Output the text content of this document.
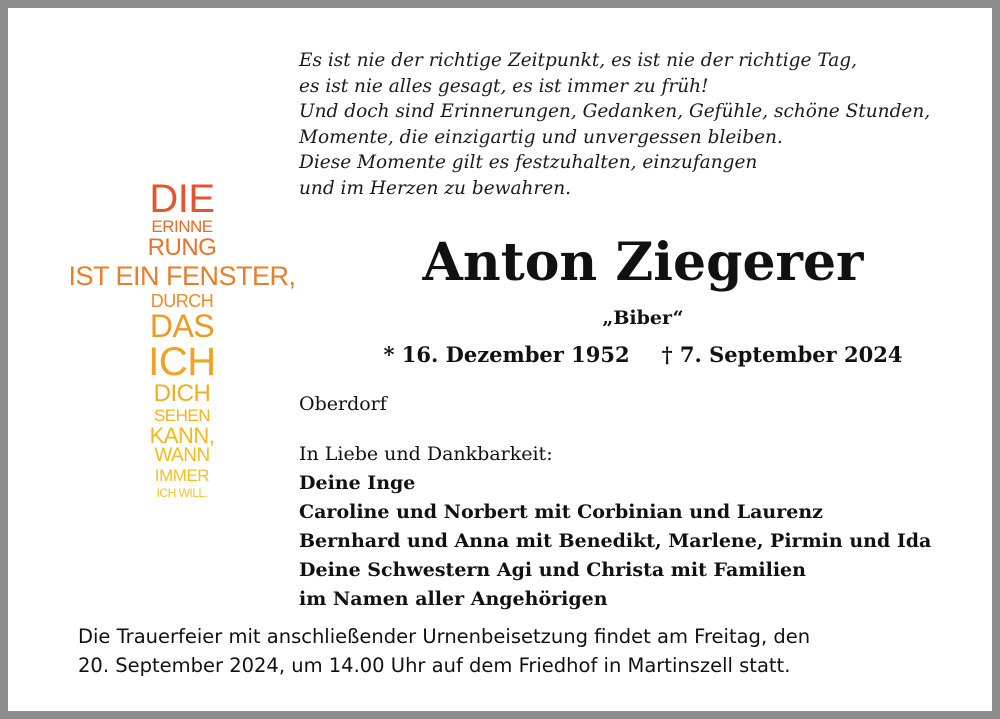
Es ist nie der richtige Zeitpunkt, es ist nie der richtige Tag,
es ist nie alles gesagt, es ist immer zu früh!
Und doch sind Erinnerungen, Gedanken, Gefühle, schöne Stunden,
Momente, die einzigartig und unvergessen bleiben.
Diese Momente gilt es festzuhalten, einzufangen
und im Herzen zu bewahren.
DIE
ERINNE
RUNG
IST EIN FENSTER,
DURCH
DAS
ICH
DICH
SEHEN
KANN,
WANN
IMMER
ICH WILL.
Anton Ziegerer
„Biber“
* 16. Dezember 1952 † 7. September 2024
Oberdorf
In Liebe und Dankbarkeit:
Deine Inge
Caroline und Norbert mit Corbinian und Laurenz
Bernhard und Anna mit Benedikt, Marlene, Pirmin und Ida
Deine Schwestern Agi und Christa mit Familien
im Namen aller Angehörigen
Die Trauerfeier mit anschließender Urnenbeisetzung findet am Freitag, den
20. September 2024, um 14.00 Uhr auf dem Friedhof in Martinszell statt.
